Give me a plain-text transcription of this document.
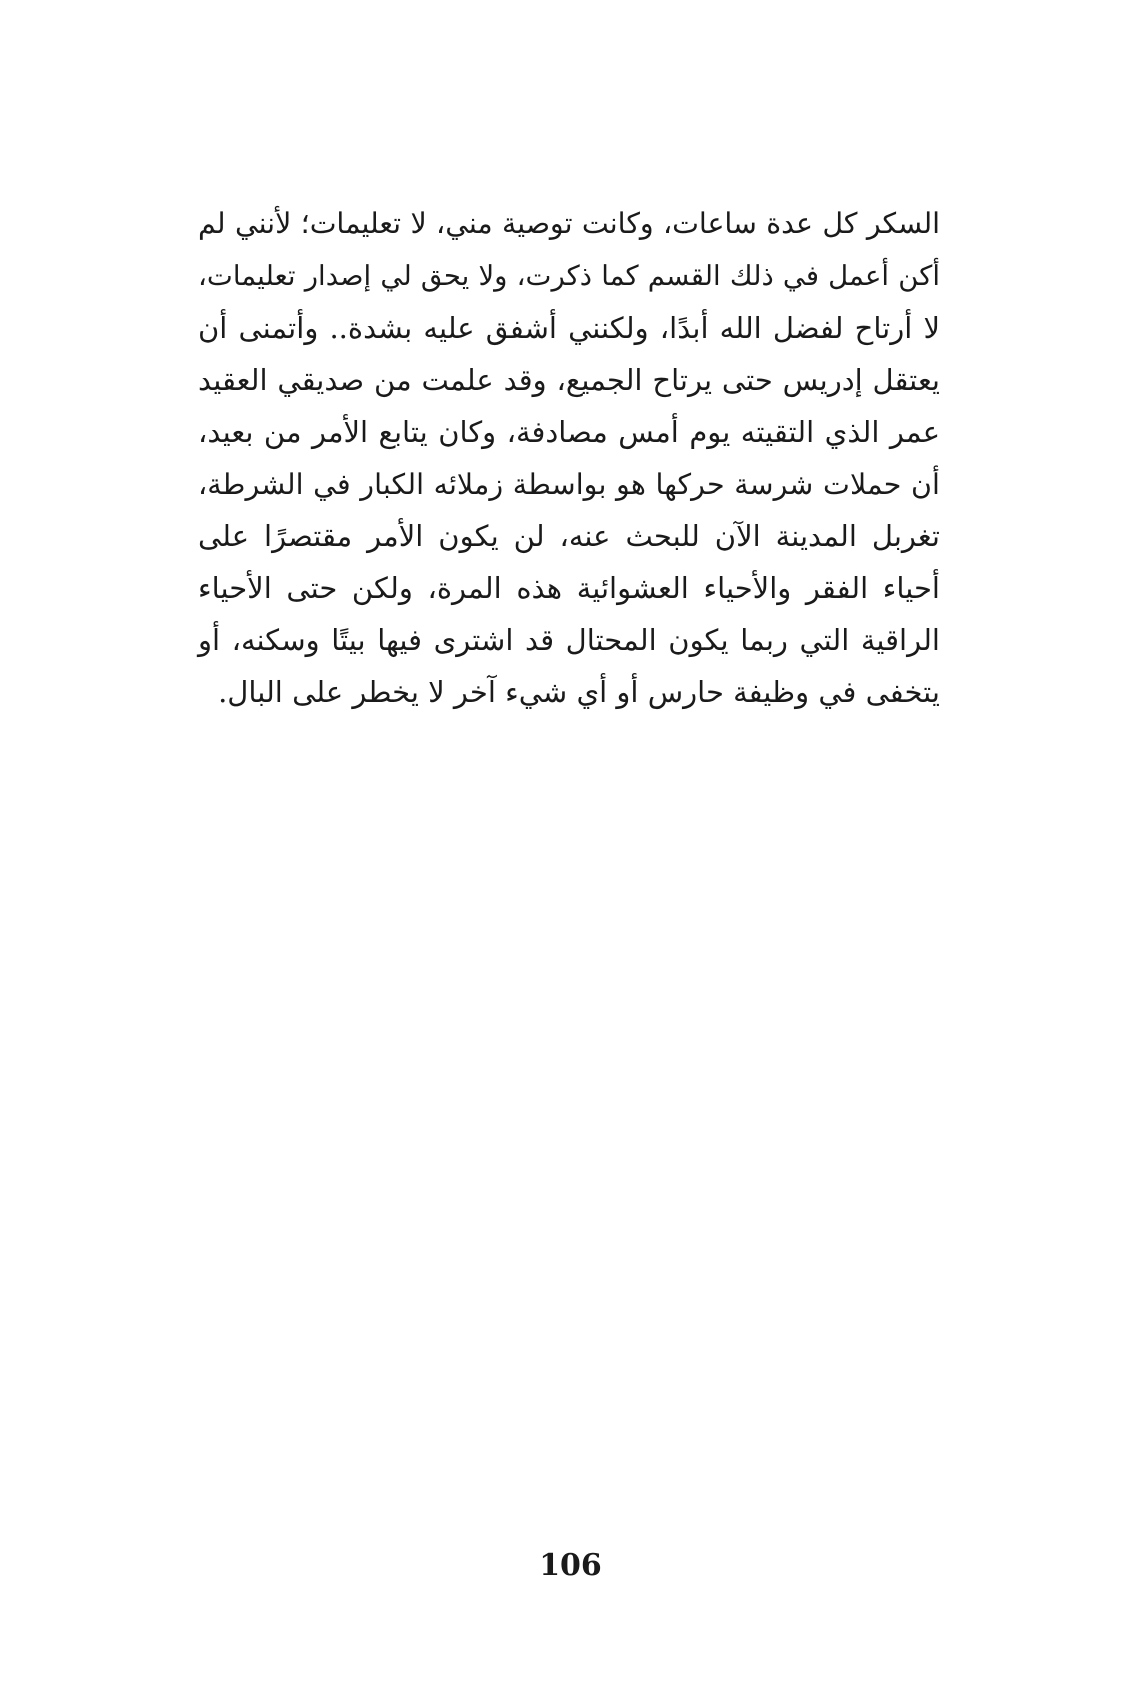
السكر كل عدة ساعات، وكانت توصية مني، لا تعليمات؛ لأنني لم
أكن أعمل في ذلك القسم كما ذكرت، ولا يحق لي إصدار تعليمات،
لا أرتاح لفضل الله أبدًا، ولكنني أشفق عليه بشدة.. وأتمنى أن
يعتقل إدريس حتى يرتاح الجميع، وقد علمت من صديقي العقيد
عمر الذي التقيته يوم أمس مصادفة، وكان يتابع الأمر من بعيد،
أن حملات شرسة حركها هو بواسطة زملائه الكبار في الشرطة،
تغربل المدينة الآن للبحث عنه، لن يكون الأمر مقتصرًا على
أحياء الفقر والأحياء العشوائية هذه المرة، ولكن حتى الأحياء
الراقية التي ربما يكون المحتال قد اشترى فيها بيتًا وسكنه، أو
يتخفى في وظيفة حارس أو أي شيء آخر لا يخطر على البال.
106
